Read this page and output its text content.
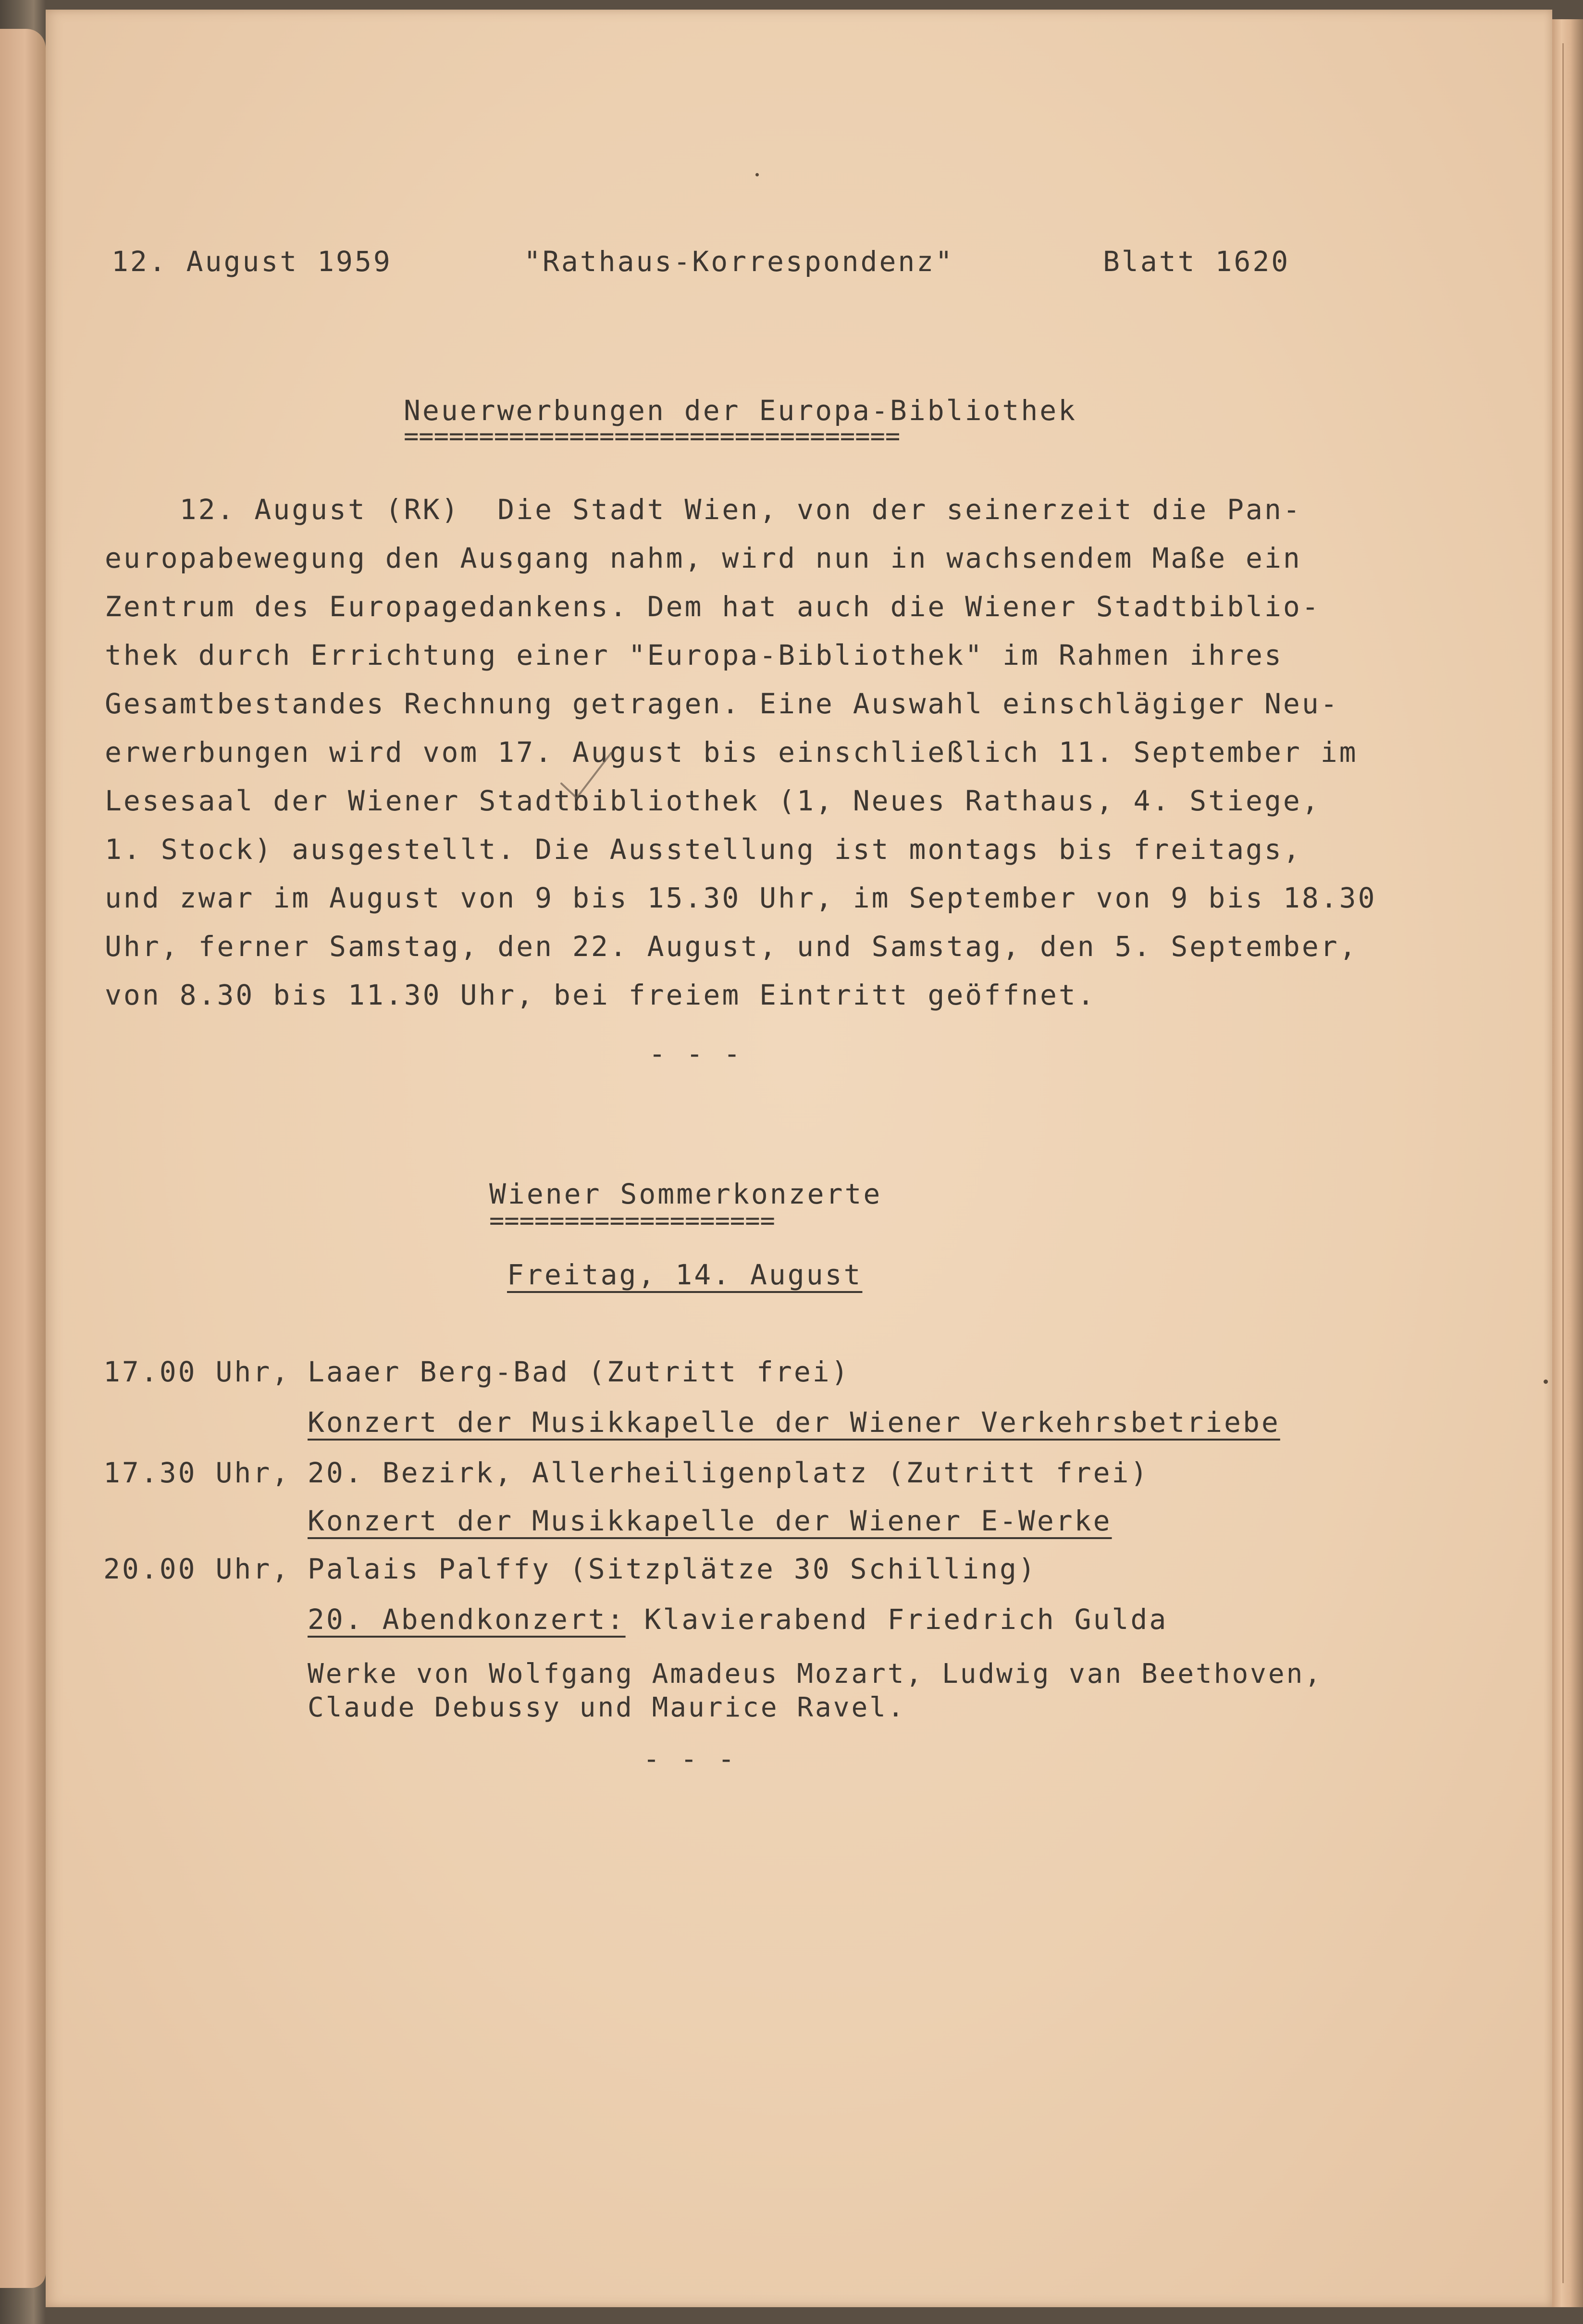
12. August 1959	"Rathaus-Korrespondenz"	Blatt 1620
Neuerwerbungen der Europa-Bibliothek
=================================
12. August (RK)  Die Stadt Wien, von der seinerzeit die Pan-
europabewegung den Ausgang nahm, wird nun in wachsendem Maße ein
Zentrum des Europagedankens. Dem hat auch die Wiener Stadtbiblio-
thek durch Errichtung einer "Europa-Bibliothek" im Rahmen ihres
Gesamtbestandes Rechnung getragen. Eine Auswahl einschlägiger Neu-
erwerbungen wird vom 17. August bis einschließlich 11. September im
Lesesaal der Wiener Stadtbibliothek (1, Neues Rathaus, 4. Stiege,
1. Stock) ausgestellt. Die Ausstellung ist montags bis freitags,
und zwar im August von 9 bis 15.30 Uhr, im September von 9 bis 18.30
Uhr, ferner Samstag, den 22. August, und Samstag, den 5. September,
von 8.30 bis 11.30 Uhr, bei freiem Eintritt geöffnet.
- - -
Wiener Sommerkonzerte
===================
Freitag, 14. August
17.00 Uhr, Laaer Berg-Bad (Zutritt frei)
Konzert der Musikkapelle der Wiener Verkehrsbetriebe
17.30 Uhr, 20. Bezirk, Allerheiligenplatz (Zutritt frei)
Konzert der Musikkapelle der Wiener E-Werke
20.00 Uhr, Palais Palffy (Sitzplätze 30 Schilling)
20. Abendkonzert: Klavierabend Friedrich Gulda
Werke von Wolfgang Amadeus Mozart, Ludwig van Beethoven,
Claude Debussy und Maurice Ravel.
- - -
